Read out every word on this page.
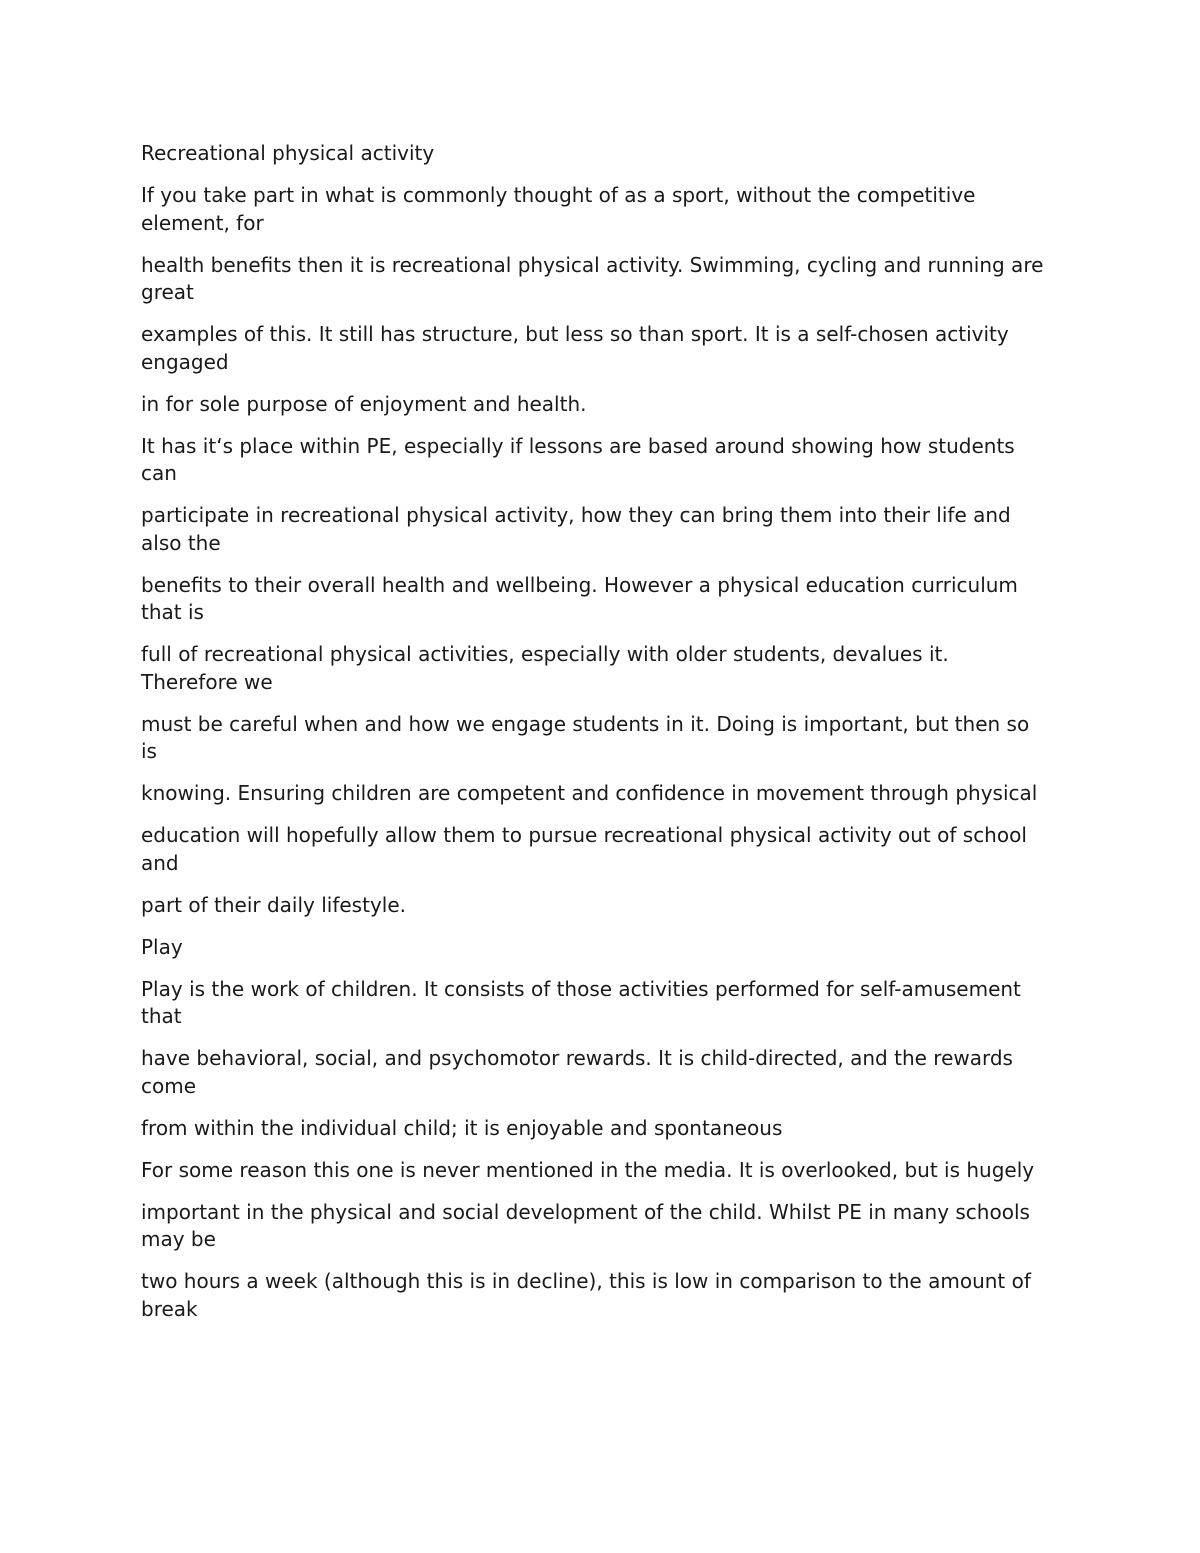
Recreational physical activity

If you take part in what is commonly thought of as a sport, without the competitive element, for

health benefits then it is recreational physical activity. Swimming, cycling and running are great

examples of this. It still has structure, but less so than sport. It is a self-chosen activity engaged

in for sole purpose of enjoyment and health.

It has it‘s place within PE, especially if lessons are based around showing how students can

participate in recreational physical activity, how they can bring them into their life and also the

benefits to their overall health and wellbeing. However a physical education curriculum that is

full of recreational physical activities, especially with older students, devalues it. Therefore we

must be careful when and how we engage students in it. Doing is important, but then so is

knowing. Ensuring children are competent and confidence in movement through physical

education will hopefully allow them to pursue recreational physical activity out of school and

part of their daily lifestyle.

Play

Play is the work of children. It consists of those activities performed for self-amusement that

have behavioral, social, and psychomotor rewards. It is child-directed, and the rewards come

from within the individual child; it is enjoyable and spontaneous

For some reason this one is never mentioned in the media. It is overlooked, but is hugely

important in the physical and social development of the child. Whilst PE in many schools may be

two hours a week (although this is in decline), this is low in comparison to the amount of break
